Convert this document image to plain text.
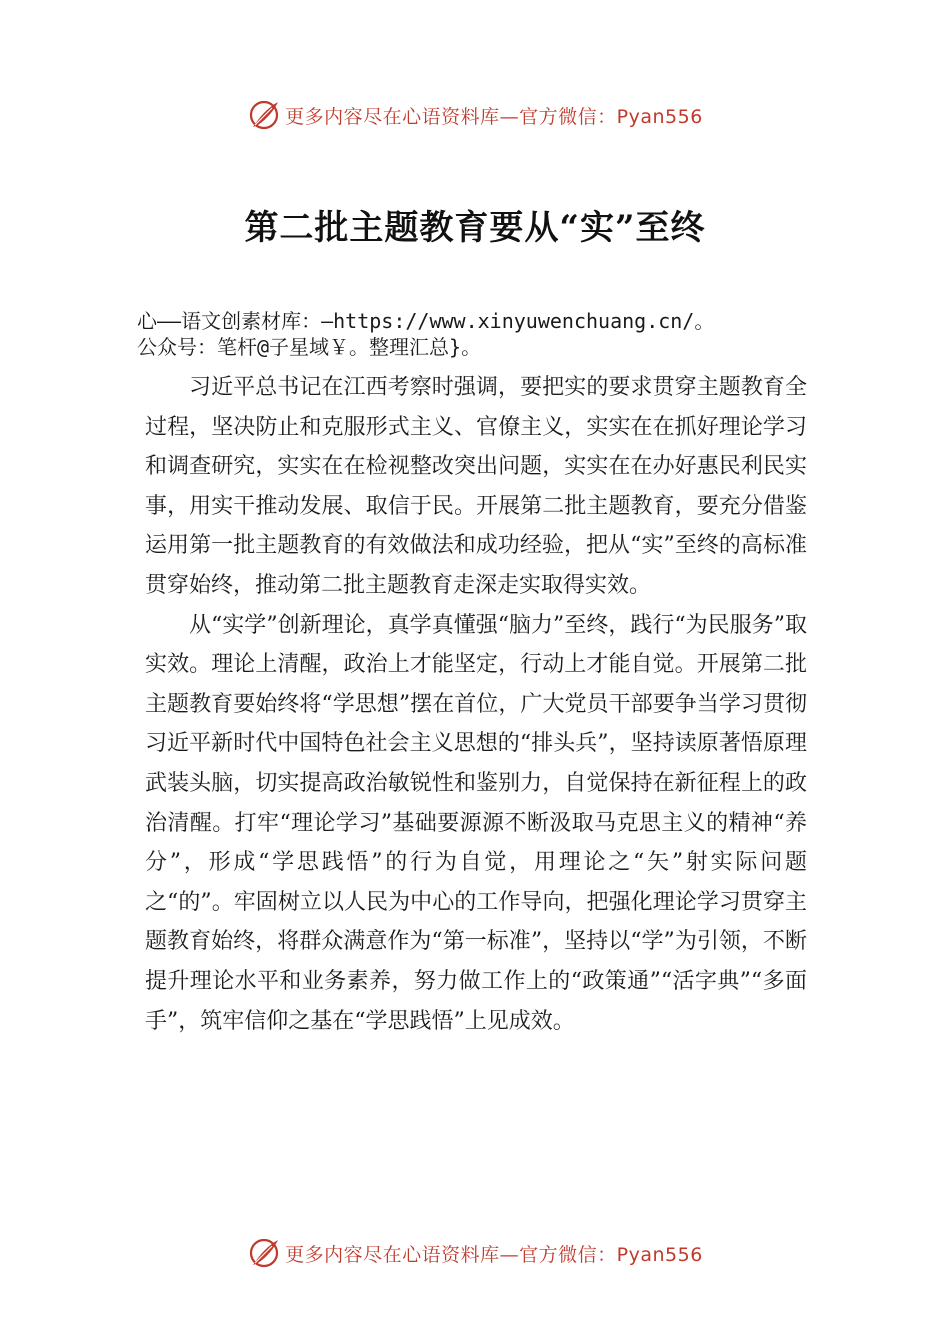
更多内容尽在心语资料库—官方微信：Pyan556
第二批主题教育要从“实”至终
心——语文创素材库：—https://www.xinyuwenchuang.cn/。
公众号：笔杆@子星域￥。整理汇总}。

习近平总书记在江西考察时强调，要把实的要求贯穿主题教育全过程，坚决防止和克服形式主义、官僚主义，实实在在抓好理论学习和调查研究，实实在在检视整改突出问题，实实在在办好惠民利民实事，用实干推动发展、取信于民。开展第二批主题教育，要充分借鉴运用第一批主题教育的有效做法和成功经验，把从“实”至终的高标准贯穿始终，推动第二批主题教育走深走实取得实效。

从“实学”创新理论，真学真懂强“脑力”至终，践行“为民服务”取实效。理论上清醒，政治上才能坚定，行动上才能自觉。开展第二批主题教育要始终将“学思想”摆在首位，广大党员干部要争当学习贯彻习近平新时代中国特色社会主义思想的“排头兵”，坚持读原著悟原理武装头脑，切实提高政治敏锐性和鉴别力，自觉保持在新征程上的政治清醒。打牢“理论学习”基础要源源不断汲取马克思主义的精神“养分”，形成“学思践悟”的行为自觉，用理论之“矢”射实际问题之“的”。牢固树立以人民为中心的工作导向，把强化理论学习贯穿主题教育始终，将群众满意作为“第一标准”，坚持以“学”为引领，不断提升理论水平和业务素养，努力做工作上的“政策通”“活字典”“多面手”，筑牢信仰之基在“学思践悟”上见成效。

更多内容尽在心语资料库—官方微信：Pyan556
